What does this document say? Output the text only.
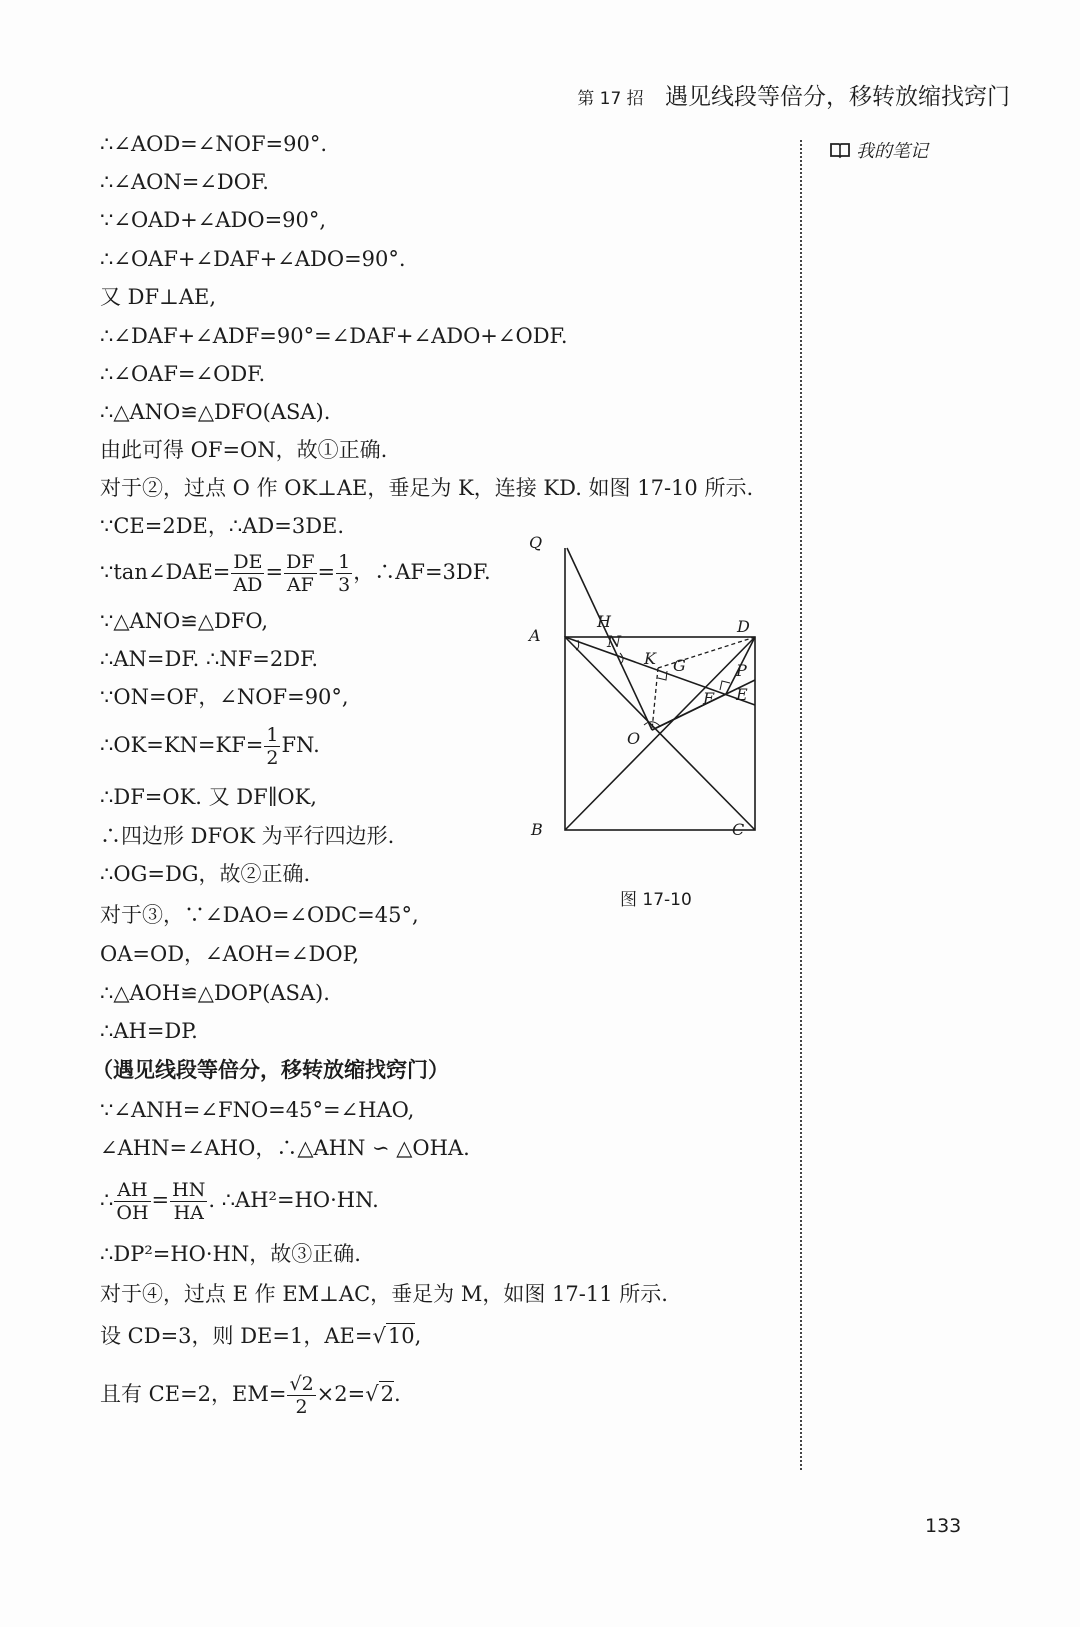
第 17 招 遇见线段等倍分，移转放缩找窍门
我的笔记
∴∠AOD=∠NOF=90°.
∴∠AON=∠DOF.
∵∠OAD+∠ADO=90°,
∴∠OAF+∠DAF+∠ADO=90°.
又 DF⊥AE,
∴∠DAF+∠ADF=90°=∠DAF+∠ADO+∠ODF.
∴∠OAF=∠ODF.
∴△ANO≌△DFO(ASA).
由此可得 OF=ON，故①正确.
对于②，过点 O 作 OK⊥AE，垂足为 K，连接 KD. 如图 17-10 所示.
∵CE=2DE，∴AD=3DE.
∵tan∠DAE= $\frac{DE}{AD} = \frac{DF}{AF} = \frac{1}{3}$ ，∴AF=3DF.
∵△ANO≌△DFO,
∴AN=DF. ∴NF=2DF.
∵ON=OF，∠NOF=90°,
∴OK=KN=KF= $\frac{1}{2}$ FN.
∴DF=OK. 又 DF∥OK,
∴四边形 DFOK 为平行四边形.
∴OG=DG，故②正确.
对于③，∵∠DAO=∠ODC=45°,
OA=OD，∠AOH=∠DOP,
∴△AOH≌△DOP(ASA).
∴AH=DP.
（遇见线段等倍分，移转放缩找窍门）
∵∠ANH=∠FNO=45°=∠HAO,
∠AHN=∠AHO，∴△AHN ∽ △OHA.
∴ $\frac{AH}{OH} = \frac{HN}{HA}$ . ∴AH²=HO·HN.
∴DP²=HO·HN，故③正确.
对于④，过点 E 作 EM⊥AC，垂足为 M，如图 17-11 所示.
设 CD=3，则 DE=1，AE=√10,
且有 CE=2，$EM= \frac{√2}{2} \times 2=√2$.
Q
A
H
N
D
K G	P
F E
O
B	C
图 17-10
133
